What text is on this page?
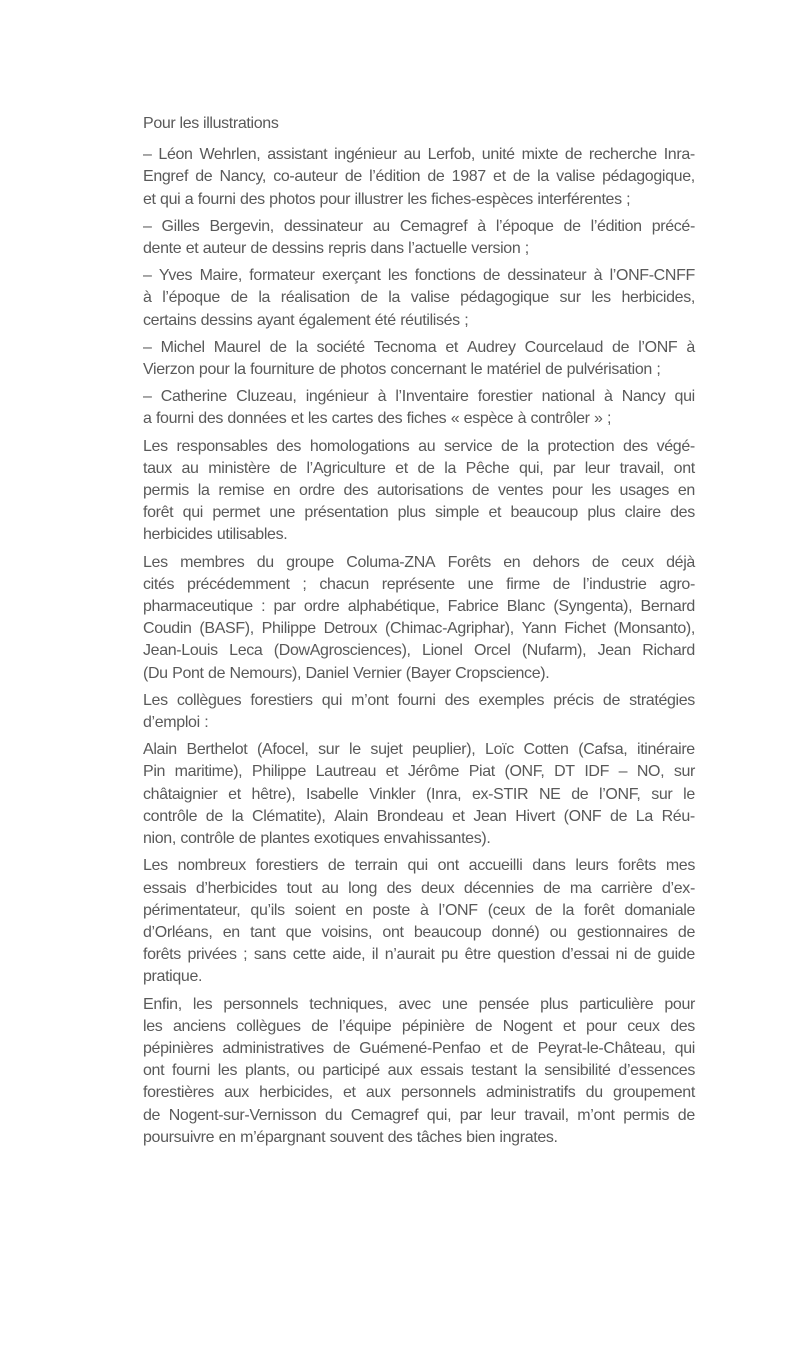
Pour les illustrations

– Léon Wehrlen, assistant ingénieur au Lerfob, unité mixte de recherche Inra-
Engref de Nancy, co-auteur de l’édition de 1987 et de la valise pédagogique,
et qui a fourni des photos pour illustrer les fiches-espèces interférentes ;

– Gilles Bergevin, dessinateur au Cemagref à l’époque de l’édition précé-
dente et auteur de dessins repris dans l’actuelle version ;

– Yves Maire, formateur exerçant les fonctions de dessinateur à l’ONF-CNFF
à l’époque de la réalisation de la valise pédagogique sur les herbicides,
certains dessins ayant également été réutilisés ;

– Michel Maurel de la société Tecnoma et Audrey Courcelaud de l’ONF à
Vierzon pour la fourniture de photos concernant le matériel de pulvérisation ;

– Catherine Cluzeau, ingénieur à l’Inventaire forestier national à Nancy qui
a fourni des données et les cartes des fiches « espèce à contrôler » ;

Les responsables des homologations au service de la protection des végé-
taux au ministère de l’Agriculture et de la Pêche qui, par leur travail, ont
permis la remise en ordre des autorisations de ventes pour les usages en
forêt qui permet une présentation plus simple et beaucoup plus claire des
herbicides utilisables.

Les membres du groupe Columa-ZNA Forêts en dehors de ceux déjà
cités précédemment ; chacun représente une firme de l’industrie agro-
pharmaceutique : par ordre alphabétique, Fabrice Blanc (Syngenta), Bernard
Coudin (BASF), Philippe Detroux (Chimac-Agriphar), Yann Fichet (Monsanto),
Jean-Louis Leca (DowAgrosciences), Lionel Orcel (Nufarm), Jean Richard
(Du Pont de Nemours), Daniel Vernier (Bayer Cropscience).

Les collègues forestiers qui m’ont fourni des exemples précis de stratégies
d’emploi :

Alain Berthelot (Afocel, sur le sujet peuplier), Loïc Cotten (Cafsa, itinéraire
Pin maritime), Philippe Lautreau et Jérôme Piat (ONF, DT IDF – NO, sur
châtaignier et hêtre), Isabelle Vinkler (Inra, ex-STIR NE de l’ONF, sur le
contrôle de la Clématite), Alain Brondeau et Jean Hivert (ONF de La Réu-
nion, contrôle de plantes exotiques envahissantes).

Les nombreux forestiers de terrain qui ont accueilli dans leurs forêts mes
essais d’herbicides tout au long des deux décennies de ma carrière d’ex-
périmentateur, qu’ils soient en poste à l’ONF (ceux de la forêt domaniale
d’Orléans, en tant que voisins, ont beaucoup donné) ou gestionnaires de
forêts privées ; sans cette aide, il n’aurait pu être question d’essai ni de guide
pratique.

Enfin, les personnels techniques, avec une pensée plus particulière pour
les anciens collègues de l’équipe pépinière de Nogent et pour ceux des
pépinières administratives de Guémené-Penfao et de Peyrat-le-Château, qui
ont fourni les plants, ou participé aux essais testant la sensibilité d’essences
forestières aux herbicides, et aux personnels administratifs du groupement
de Nogent-sur-Vernisson du Cemagref qui, par leur travail, m’ont permis de
poursuivre en m’épargnant souvent des tâches bien ingrates.
